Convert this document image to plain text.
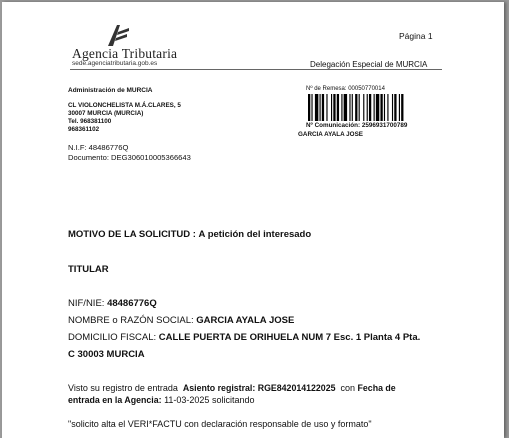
Agencia Tributaria
sede.agenciatributaria.gob.es
Página 1
Delegación Especial de MURCIA
Administración de MURCIA
CL VIOLONCHELISTA M.Á.CLARES, 5
30007 MURCIA (MURCIA)
Tel. 968381100
968361102
N.I.F: 48486776Q
Documento: DEG306010005366643
Nº de Remesa: 00050770014
Nº Comunicación: 2596931700789
GARCIA AYALA JOSE
MOTIVO DE LA SOLICITUD : A petición del interesado
TITULAR
NIF/NIE: 48486776Q
NOMBRE o RAZÓN SOCIAL: GARCIA AYALA JOSE
DOMICILIO FISCAL: CALLE PUERTA DE ORIHUELA NUM 7 Esc. 1 Planta 4 Pta.
C 30003 MURCIA
Visto su registro de entrada Asiento registral: RGE842014122025 con Fecha de
entrada en la Agencia: 11-03-2025 solicitando
"solicito alta el VERI*FACTU con declaración responsable de uso y formato"
